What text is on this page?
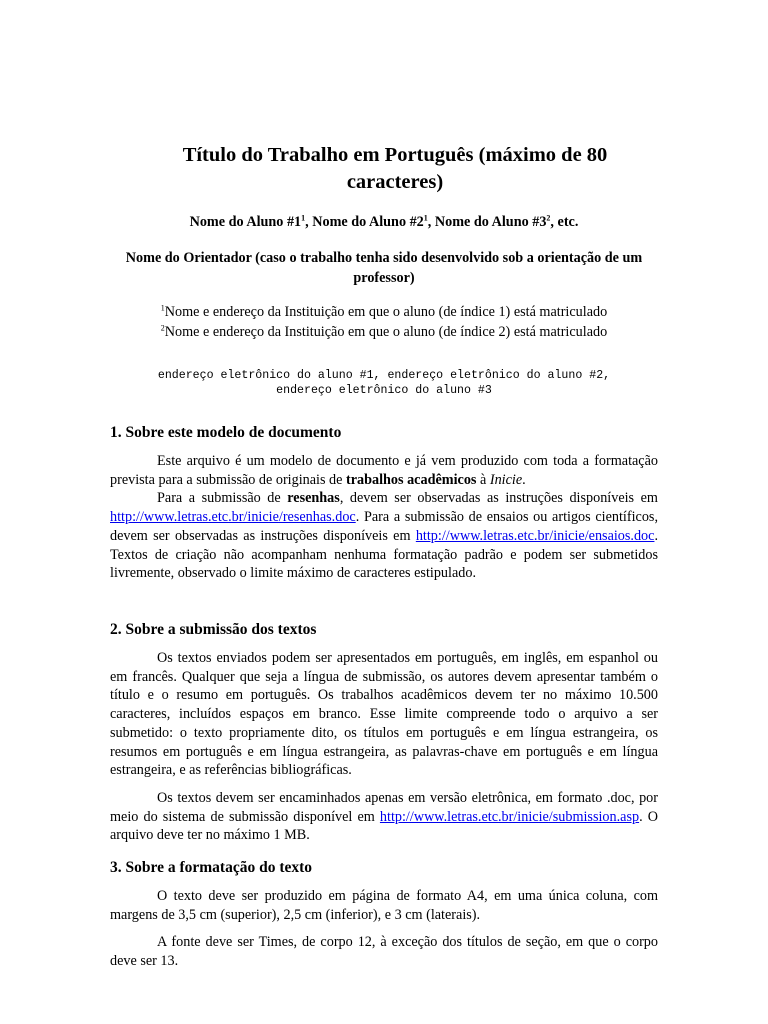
Título do Trabalho em Português (máximo de 80 caracteres)
Nome do Aluno $\#1^1$, Nome do Aluno $\#2^1$, Nome do Aluno $\#3^2$, etc.
Nome do Orientador (caso o trabalho tenha sido desenvolvido sob a orientação de um professor)
$^1$Nome e endereço da Instituição em que o aluno (de índice 1) está matriculado
$^2$Nome e endereço da Instituição em que o aluno (de índice 2) está matriculado
endereço eletrônico do aluno #1, endereço eletrônico do aluno #2,
endereço eletrônico do aluno #3
1. Sobre este modelo de documento

Este arquivo é um modelo de documento e já vem produzido com toda a formatação prevista para a submissão de originais de trabalhos acadêmicos à Inicie.

Para a submissão de resenhas, devem ser observadas as instruções disponíveis em http://www.letras.etc.br/inicie/resenhas.doc. Para a submissão de ensaios ou artigos científicos, devem ser observadas as instruções disponíveis em http://www.letras.etc.br/inicie/ensaios.doc. Textos de criação não acompanham nenhuma formatação padrão e podem ser submetidos livremente, observado o limite máximo de caracteres estipulado.

2. Sobre a submissão dos textos

Os textos enviados podem ser apresentados em português, em inglês, em espanhol ou em francês. Qualquer que seja a língua de submissão, os autores devem apresentar também o título e o resumo em português. Os trabalhos acadêmicos devem ter no máximo 10.500 caracteres, incluídos espaços em branco. Esse limite compreende todo o arquivo a ser submetido: o texto propriamente dito, os títulos em português e em língua estrangeira, os resumos em português e em língua estrangeira, as palavras-chave em português e em língua estrangeira, e as referências bibliográficas.

Os textos devem ser encaminhados apenas em versão eletrônica, em formato .doc, por meio do sistema de submissão disponível em http://www.letras.etc.br/inicie/submission.asp. O arquivo deve ter no máximo 1 MB.

3. Sobre a formatação do texto

O texto deve ser produzido em página de formato A4, em uma única coluna, com margens de 3,5 cm (superior), 2,5 cm (inferior), e 3 cm (laterais).

A fonte deve ser Times, de corpo 12, à exceção dos títulos de seção, em que o corpo deve ser 13.
